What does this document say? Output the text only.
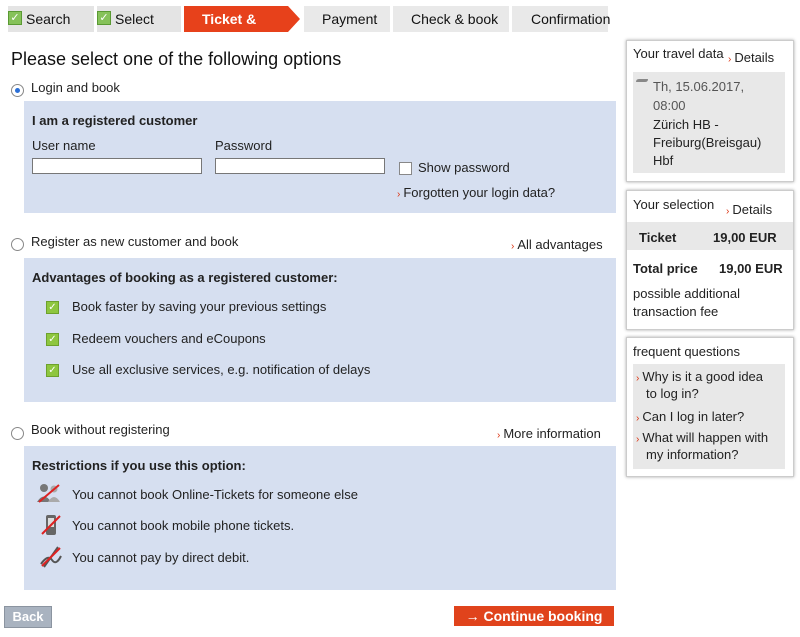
✓ Search	✓ Select	Ticket &	Payment Check & book Confirmation
Please select one of the following options
Login and book
I am a registered customer
User name	Password
Show password
› Forgotten your login data?
Register as new customer and book	› All advantages
Advantages of booking as a registered customer:
✓ Book faster by saving your previous settings
✓ Redeem vouchers and eCoupons
✓ Use all exclusive services, e.g. notification of delays
Book without registering	› More information
Restrictions if you use this option:
You cannot book Online-Tickets for someone else
You cannot book mobile phone tickets.
You cannot pay by direct debit.
Back	→ Continue booking
Your travel data › Details
Th, 15.06.2017,
08:00
Zürich HB -
Freiburg(Breisgau)
Hbf
Your selection › Details
Ticket	19,00 EUR
Total price 19,00 EUR
possible additional
transaction fee
frequent questions
› Why is it a good idea
to log in?
› Can I log in later?
› What will happen with
my information?
